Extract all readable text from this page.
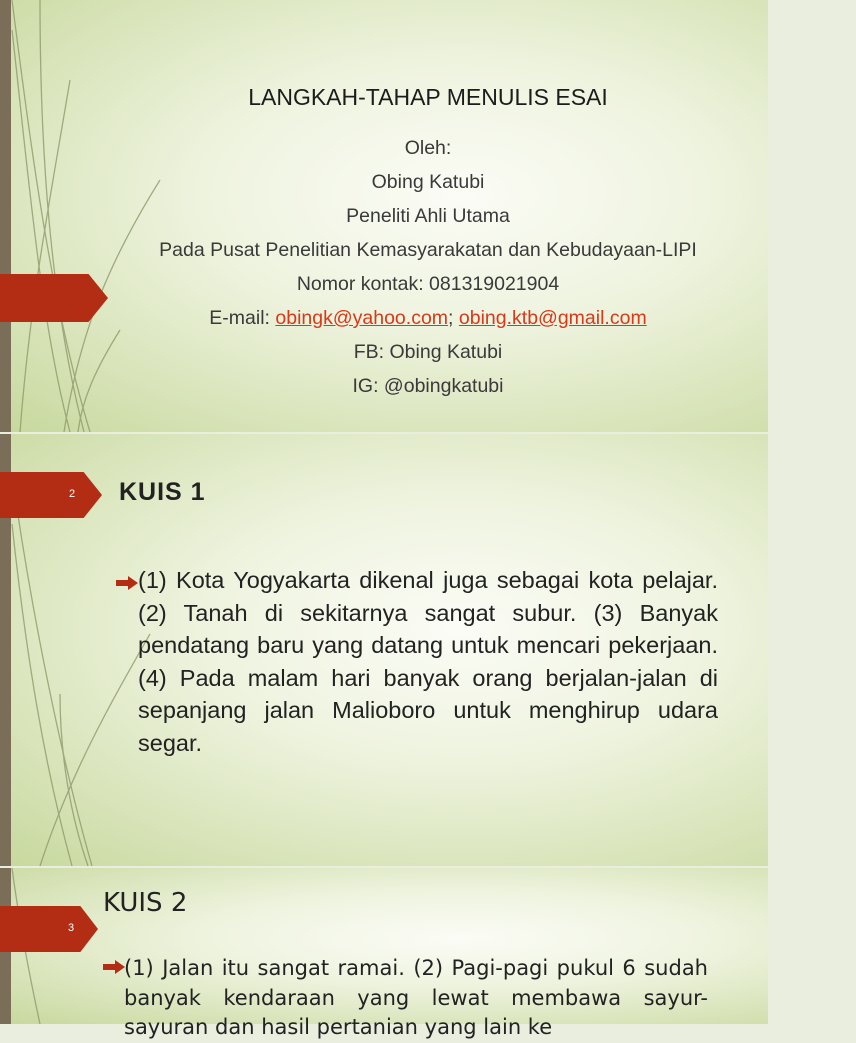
LANGKAH-TAHAP MENULIS ESAI

Oleh:

Obing Katubi

Peneliti Ahli Utama

Pada Pusat Penelitian Kemasyarakatan dan Kebudayaan-LIPI

Nomor kontak: 081319021904

E-mail: obingk@yahoo.com; obing.ktb@gmail.com

FB: Obing Katubi

IG: @obingkatubi

2 KUIS 1
(1) Kota Yogyakarta dikenal juga sebagai kota pelajar. (2) Tanah di sekitarnya sangat subur. (3) Banyak pendatang baru yang datang untuk mencari pekerjaan. (4) Pada malam hari banyak orang berjalan-jalan di sepanjang jalan Malioboro untuk menghirup udara segar.
3
KUIS 2
(1) Jalan itu sangat ramai. (2) Pagi-pagi pukul 6 sudah banyak kendaraan yang lewat membawa sayur-sayuran dan hasil pertanian yang lain ke
